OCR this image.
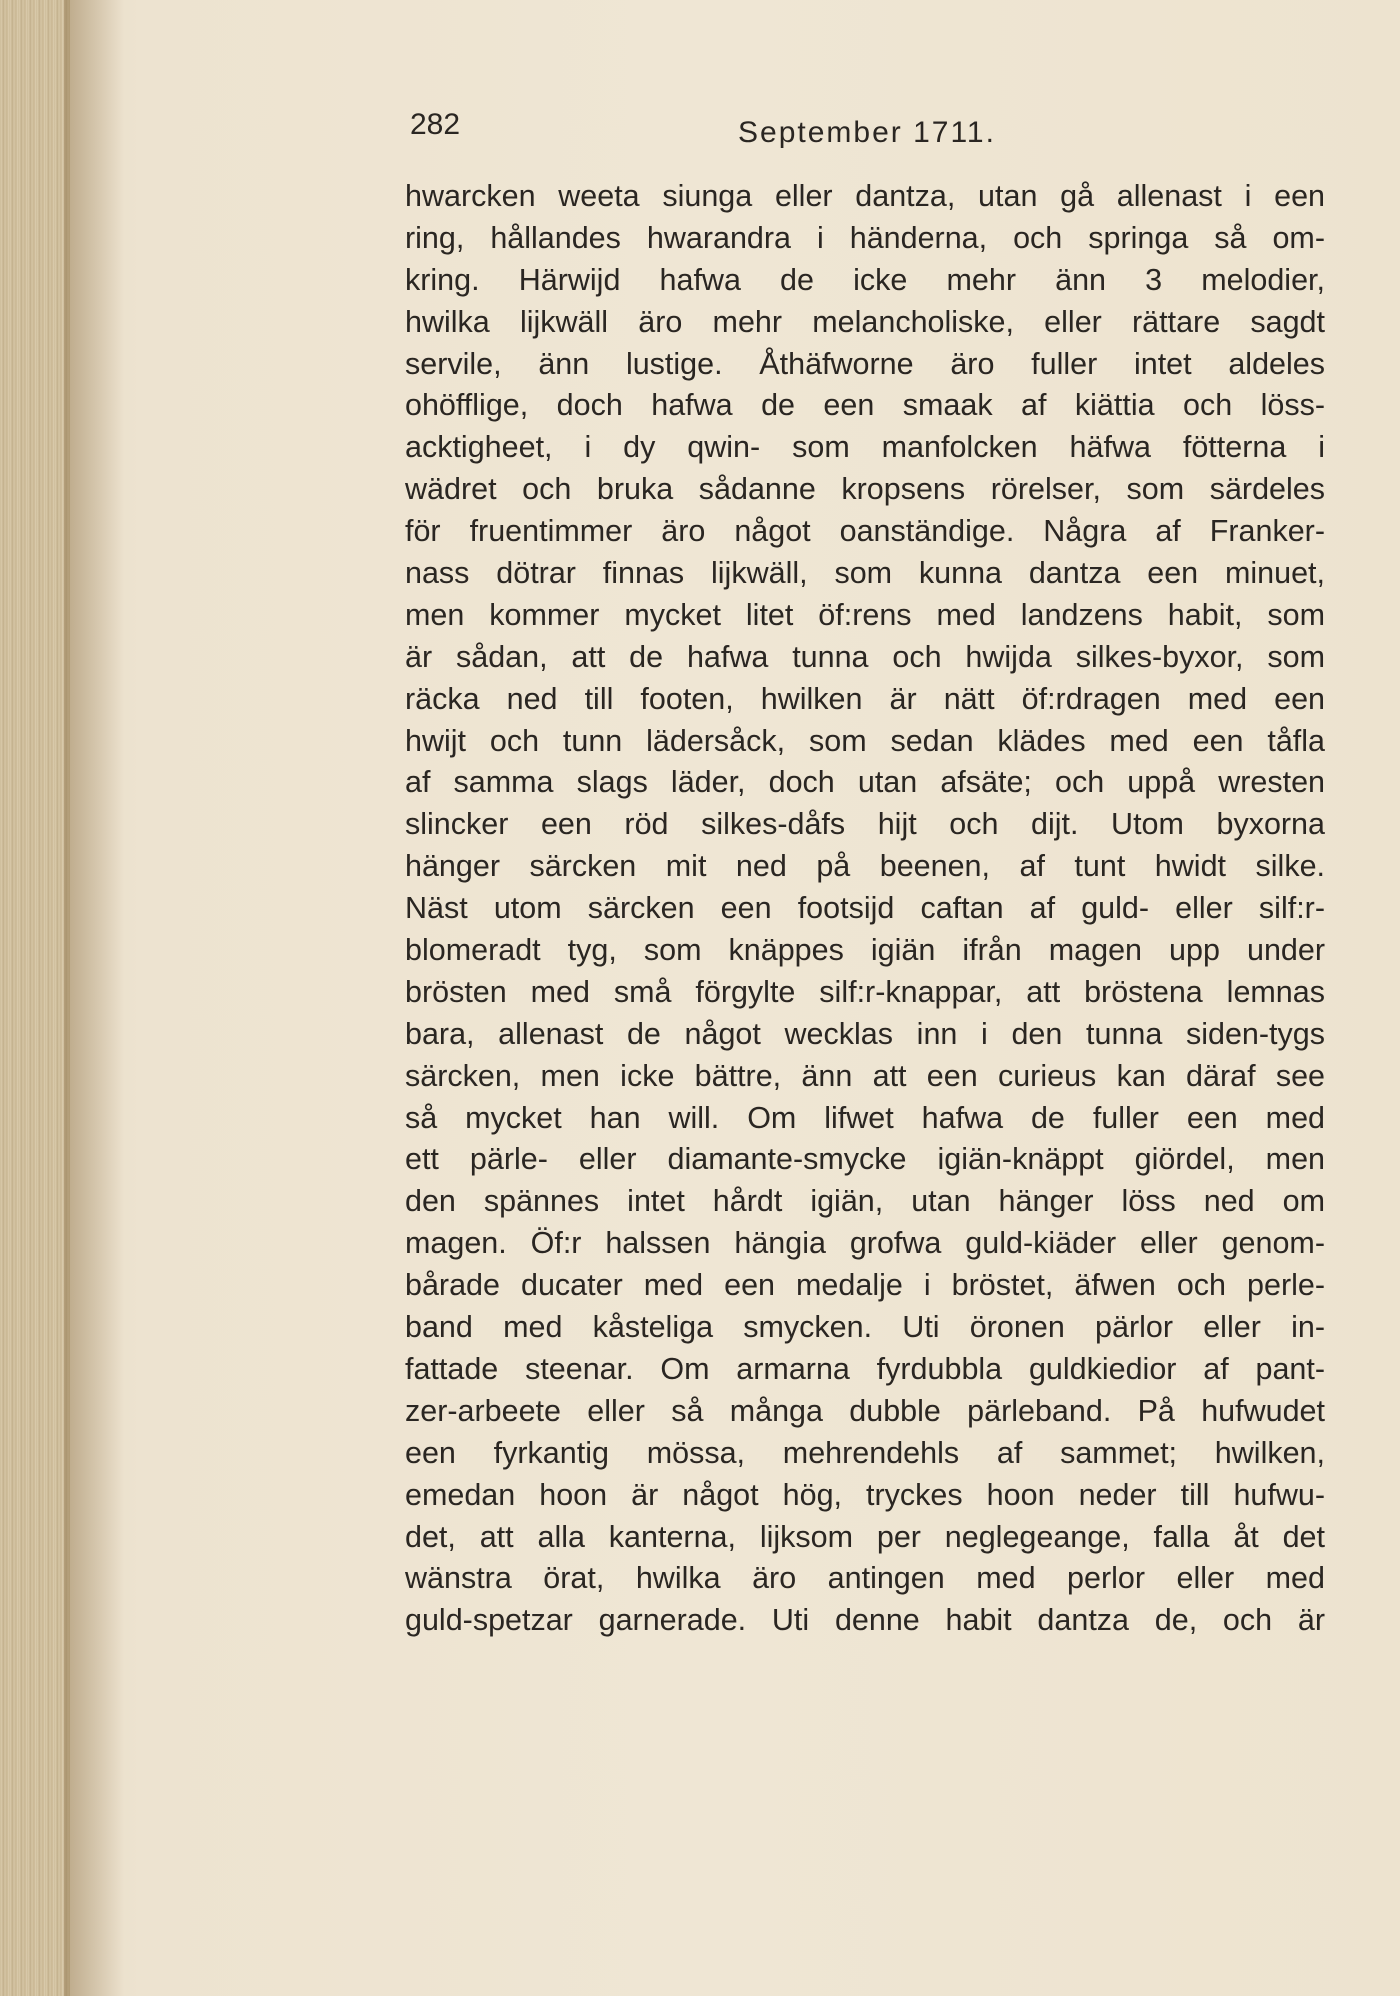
282	September 1711.
hwarcken weeta siunga eller dantza, utan gå allenast i een
ring, hållandes hwarandra i händerna, och springa så om-
kring. Härwijd hafwa de icke mehr änn 3 melodier,
hwilka lijkwäll äro mehr melancholiske, eller rättare sagdt
servile, änn lustige. Åthäfworne äro fuller intet aldeles
ohöfflige, doch hafwa de een smaak af kiättia och löss-
acktigheet, i dy qwin- som manfolcken häfwa fötterna i
wädret och bruka sådanne kropsens rörelser, som särdeles
för fruentimmer äro något oanständige. Några af Franker-
nass dötrar finnas lijkwäll, som kunna dantza een minuet,
men kommer mycket litet öf:rens med landzens habit, som
är sådan, att de hafwa tunna och hwijda silkes-byxor, som
räcka ned till footen, hwilken är nätt öf:rdragen med een
hwijt och tunn lädersåck, som sedan klädes med een tåfla
af samma slags läder, doch utan afsäte; och uppå wresten
slincker een röd silkes-dåfs hijt och dijt. Utom byxorna
hänger särcken mit ned på beenen, af tunt hwidt silke.
Näst utom särcken een footsijd caftan af guld- eller silf:r-
blomeradt tyg, som knäppes igiän ifrån magen upp under
brösten med små förgylte silf:r-knappar, att bröstena lemnas
bara, allenast de något wecklas inn i den tunna siden-tygs
särcken, men icke bättre, änn att een curieus kan däraf see
så mycket han will. Om lifwet hafwa de fuller een med
ett pärle- eller diamante-smycke igiän-knäppt giördel, men
den spännes intet hårdt igiän, utan hänger löss ned om
magen. Öf:r halssen hängia grofwa guld-kiäder eller genom-
bårade ducater med een medalje i bröstet, äfwen och perle-
band med kåsteliga smycken. Uti öronen pärlor eller in-
fattade steenar. Om armarna fyrdubbla guldkiedior af pant-
zer-arbeete eller så många dubble pärleband. På hufwudet
een fyrkantig mössa, mehrendehls af sammet; hwilken,
emedan hoon är något hög, tryckes hoon neder till hufwu-
det, att alla kanterna, lijksom per neglegeange, falla åt det
wänstra örat, hwilka äro antingen med perlor eller med
guld-spetzar garnerade. Uti denne habit dantza de, och är
